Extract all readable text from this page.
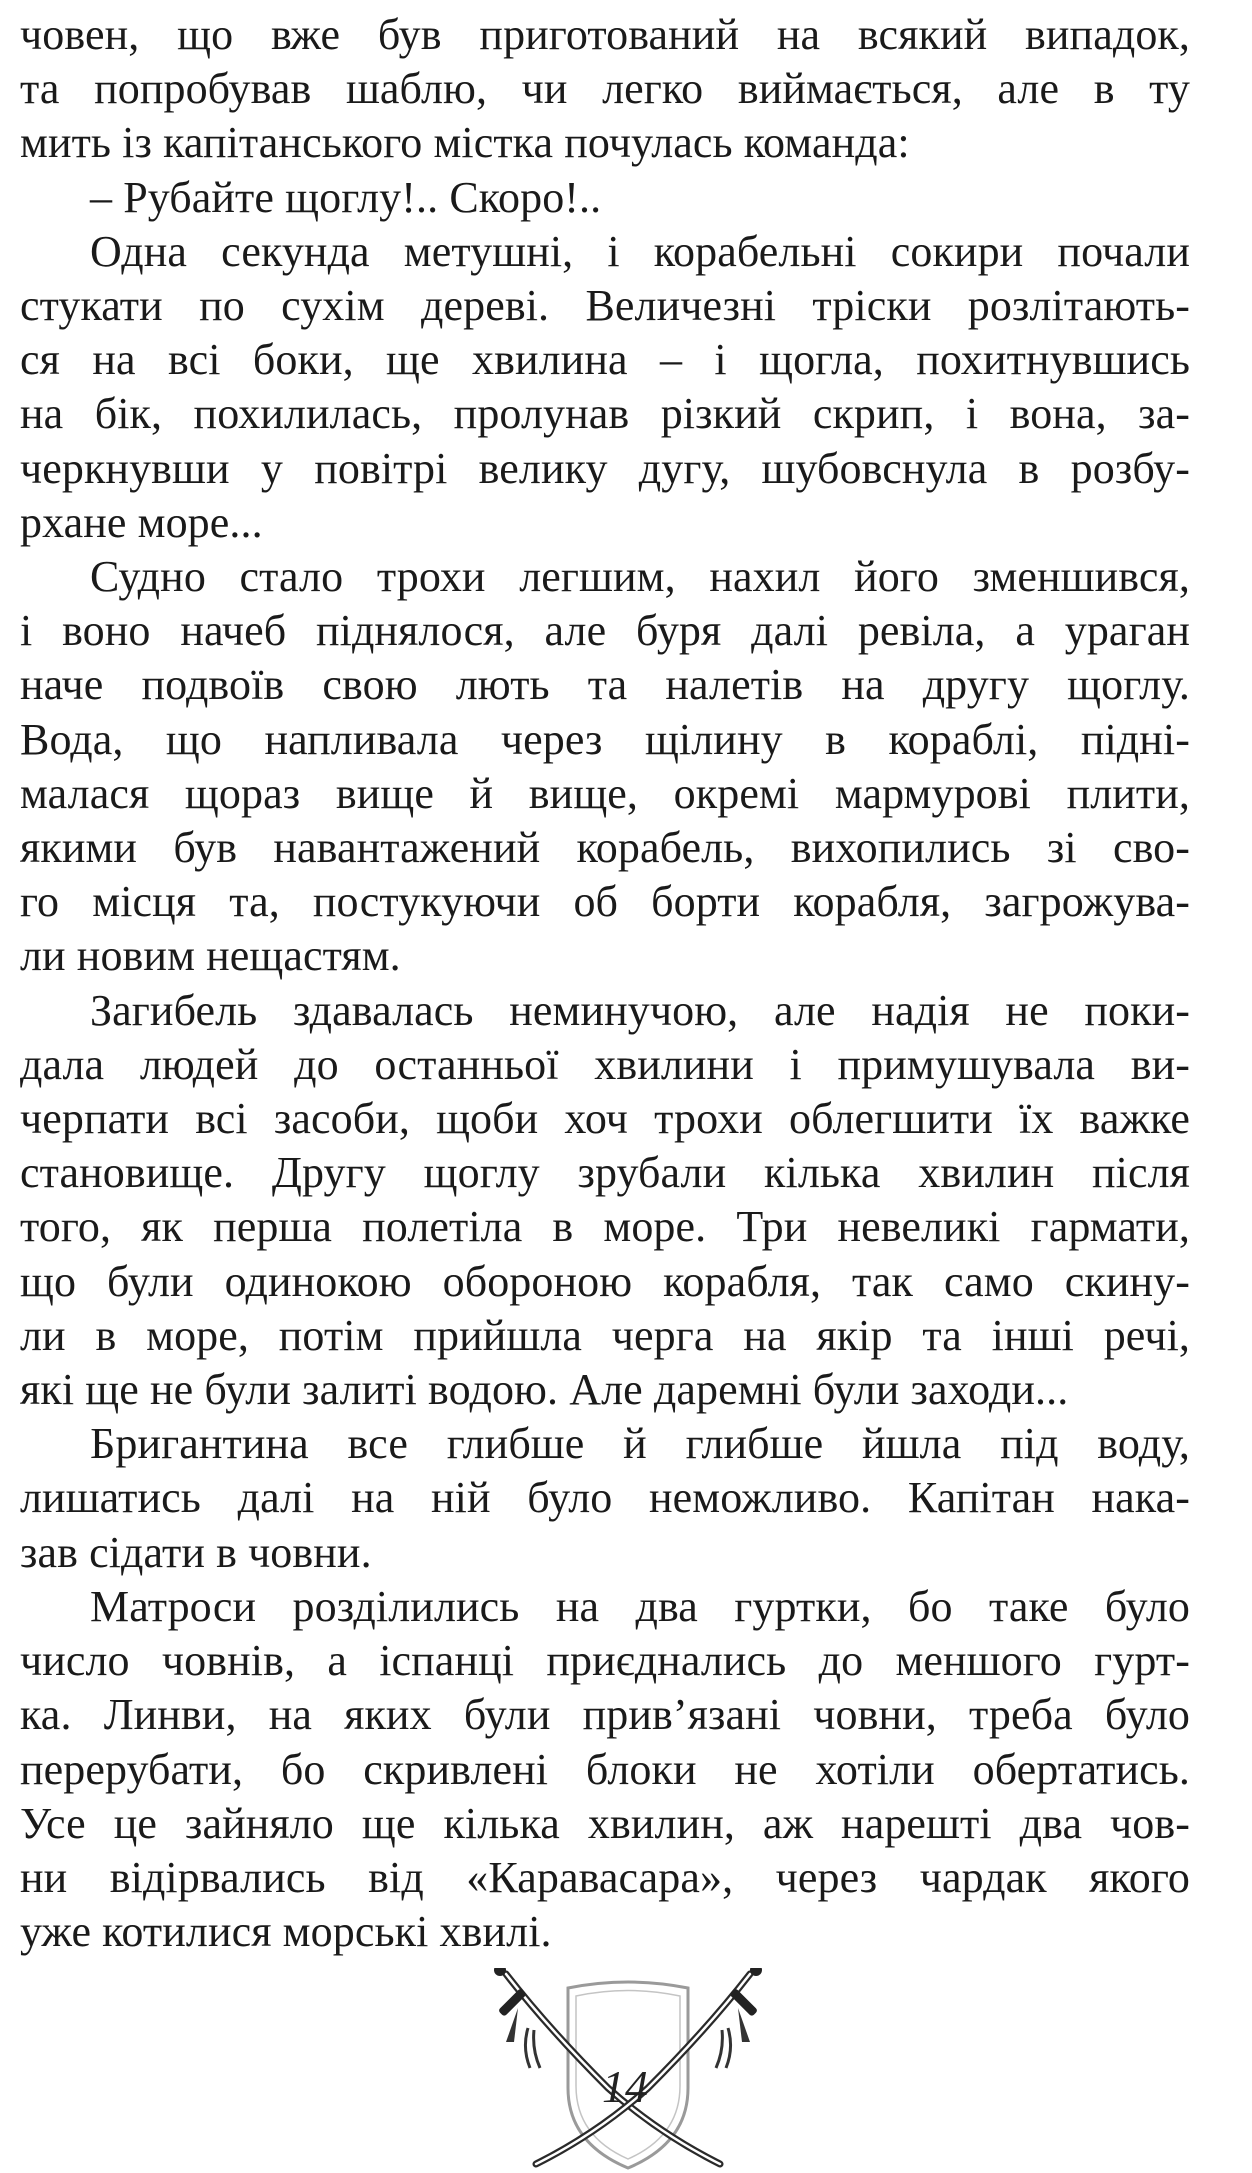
човен, що вже був приготований на всякий випадок,
та попробував шаблю, чи легко виймається, але в ту
мить із капітанського містка почулась команда:
– Рубайте щоглу!.. Скоро!..
Одна секунда метушні, і корабельні сокири почали
стукати по сухім дереві. Величезні тріски розлітають-
ся на всі боки, ще хвилина – і щогла, похитнувшись
на бік, похилилась, пролунав різкий скрип, і вона, за-
черкнувши у повітрі велику дугу, шубовснула в розбу-
рхане море...
Судно стало трохи легшим, нахил його зменшився,
і воно начеб піднялося, але буря далі ревіла, а ураган
наче подвоїв свою лють та налетів на другу щоглу.
Вода, що напливала через щілину в кораблі, підні-
малася щораз вище й вище, окремі мармурові плити,
якими був навантажений корабель, вихопились зі сво-
го місця та, постукуючи об борти корабля, загрожува-
ли новим нещастям.
Загибель здавалась неминучою, але надія не поки-
дала людей до останньої хвилини і примушувала ви-
черпати всі засоби, щоби хоч трохи облегшити їх важке
становище. Другу щоглу зрубали кілька хвилин після
того, як перша полетіла в море. Три невеликі гармати,
що були одинокою обороною корабля, так само скину-
ли в море, потім прийшла черга на якір та інші речі,
які ще не були залиті водою. Але даремні були заходи...
Бригантина все глибше й глибше йшла під воду,
лишатись далі на ній було неможливо. Капітан нака-
зав сідати в човни.
Матроси розділились на два гуртки, бо таке було
число човнів, а іспанці приєднались до меншого гурт-
ка. Линви, на яких були прив’язані човни, треба було
перерубати, бо скривлені блоки не хотіли обертатись.
Усе це зайняло ще кілька хвилин, аж нарешті два чов-
ни відірвались від «Каравасара», через чардак якого
уже котилися морські хвилі.
14
